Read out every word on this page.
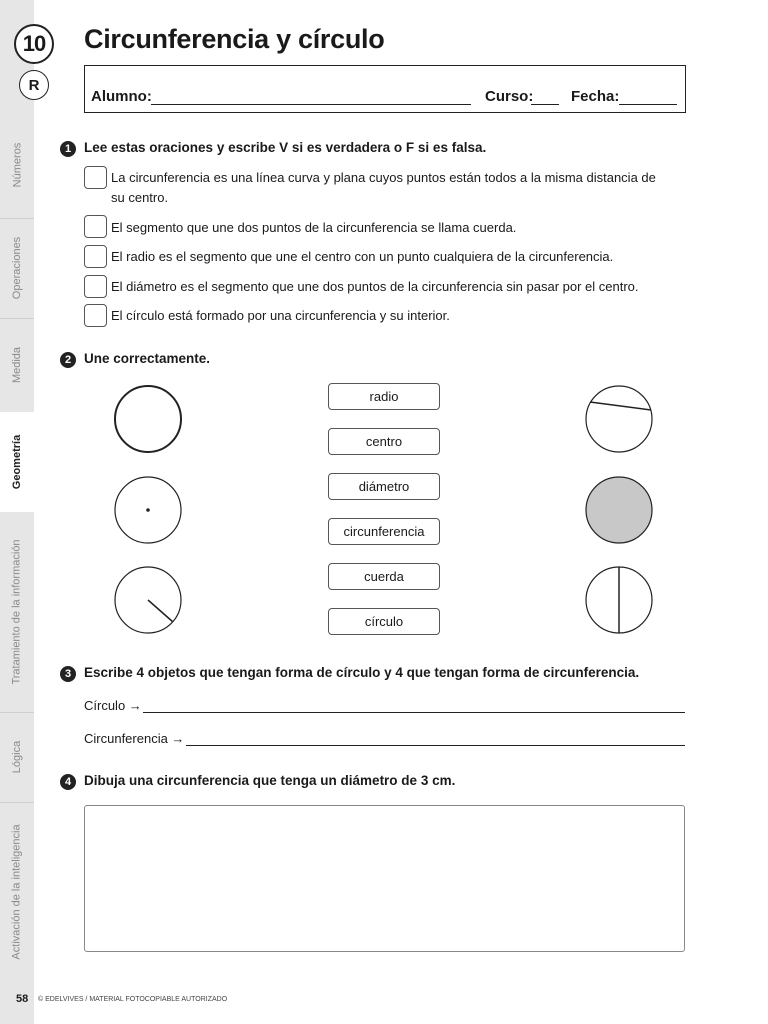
Números
Operaciones
Medida
Geometría
Tratamiento de la información
Lógica
Activación de la inteligencia
10
R
Circunferencia y círculo
Alumno:	Curso:	Fecha:
1 Lee estas oraciones y escribe V si es verdadera o F si es falsa.
La circunferencia es una línea curva y plana cuyos puntos están todos a la misma distancia de su centro.
El segmento que une dos puntos de la circunferencia se llama cuerda.
El radio es el segmento que une el centro con un punto cualquiera de la circunferencia.
El diámetro es el segmento que une dos puntos de la circunferencia sin pasar por el centro.
El círculo está formado por una circunferencia y su interior.
2 Une correctamente.
radio
centro
diámetro
circunferencia
cuerda
círculo
3 Escribe 4 objetos que tengan forma de círculo y 4 que tengan forma de circunferencia.
Círculo →
Circunferencia →
4 Dibuja una circunferencia que tenga un diámetro de 3 cm.
58 © EDELVIVES / MATERIAL FOTOCOPIABLE AUTORIZADO
